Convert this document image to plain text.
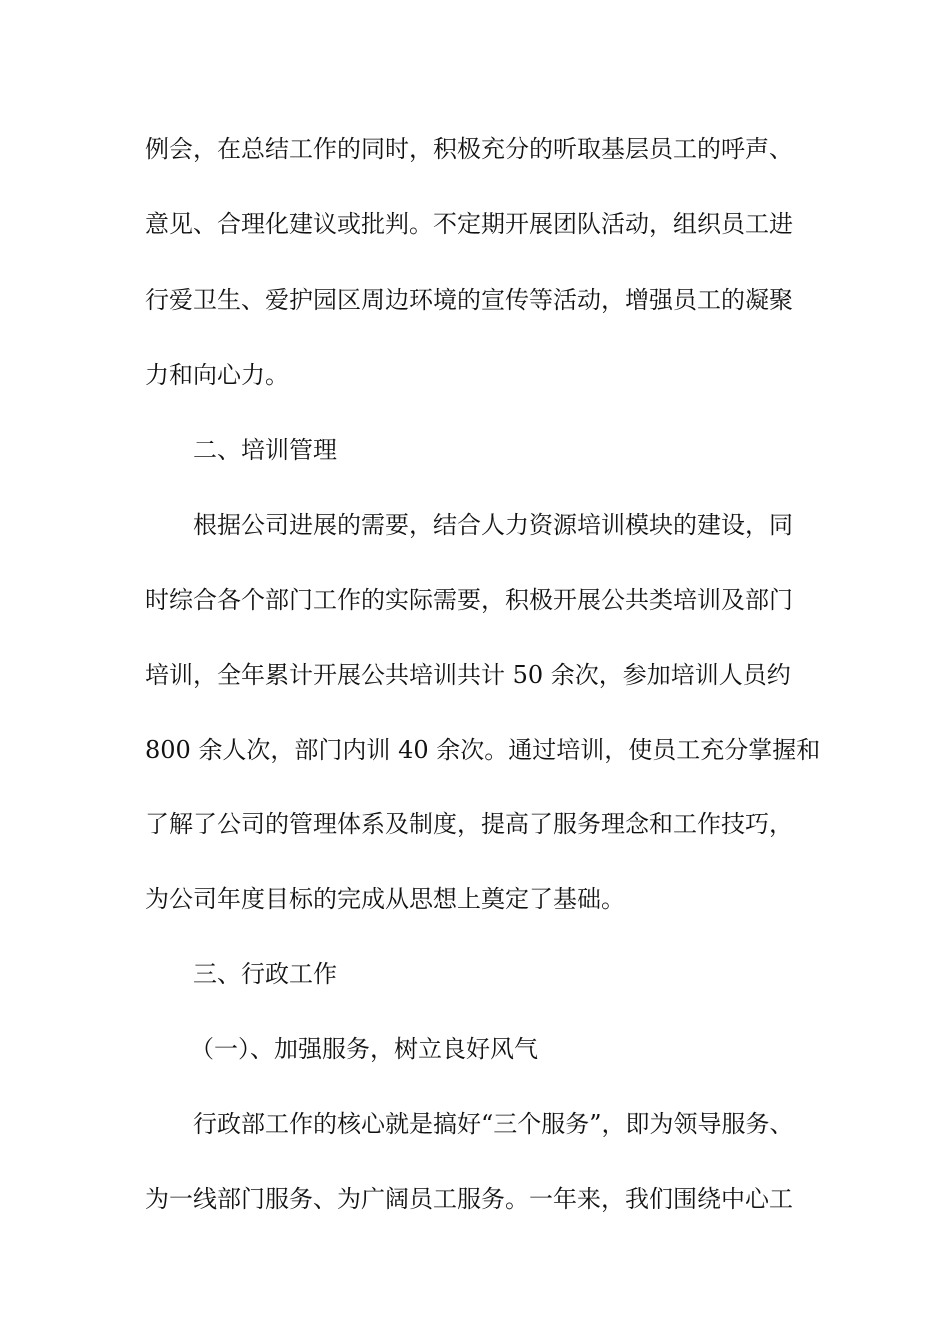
例会，在总结工作的同时，积极充分的听取基层员工的呼声、
意见、合理化建议或批判。不定期开展团队活动，组织员工进
行爱卫生、爱护园区周边环境的宣传等活动，增强员工的凝聚
力和向心力。
二、培训管理
根据公司进展的需要，结合人力资源培训模块的建设，同
时综合各个部门工作的实际需要，积极开展公共类培训及部门
培训，全年累计开展公共培训共计 50 余次，参加培训人员约
800 余人次，部门内训 40 余次。通过培训，使员工充分掌握和
了解了公司的管理体系及制度，提高了服务理念和工作技巧，
为公司年度目标的完成从思想上奠定了基础。
三、行政工作
（一）、加强服务，树立良好风气
行政部工作的核心就是搞好“三个服务”，即为领导服务、
为一线部门服务、为广阔员工服务。一年来，我们围绕中心工
